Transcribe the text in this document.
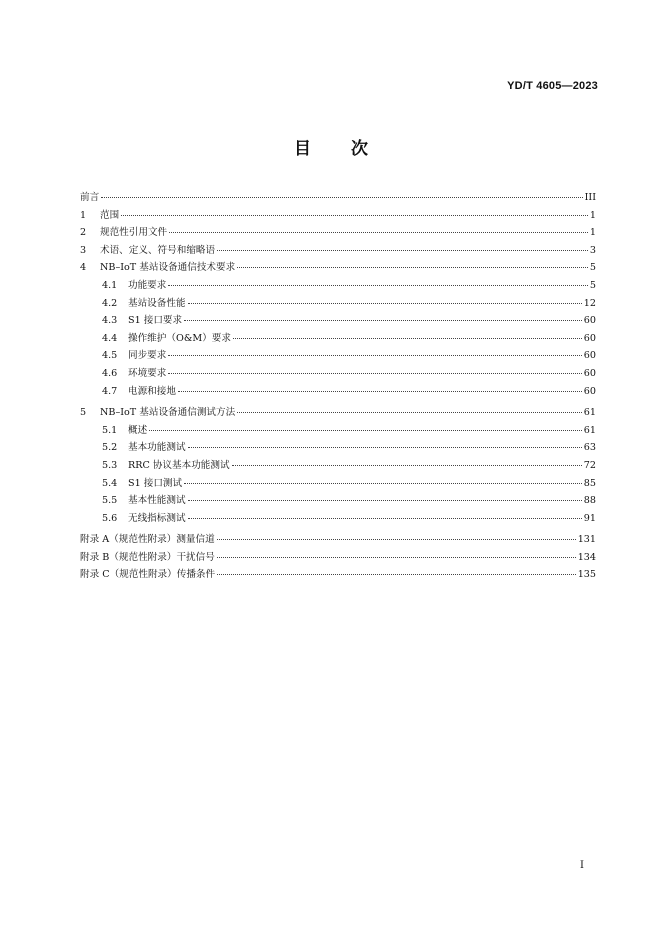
YD/T 4605—2023
目次
前言	III
1	范围	1
2	规范性引用文件	1
3	术语、定义、符号和缩略语	3
4	NB–IoT 基站设备通信技术要求	5
4.1	功能要求	5
4.2	基站设备性能	12
4.3	S1 接口要求	60
4.4	操作维护（O&M）要求	60
4.5	同步要求	60
4.6	环境要求	60
4.7	电源和接地	60
5	NB–IoT 基站设备通信测试方法	61
5.1	概述	61
5.2	基本功能测试	63
5.3	RRC 协议基本功能测试	72
5.4	S1 接口测试	85
5.5	基本性能测试	88
5.6	无线指标测试	91
附录 A（规范性附录）测量信道	131
附录 B（规范性附录）干扰信号	134
附录 C（规范性附录）传播条件	135
I
